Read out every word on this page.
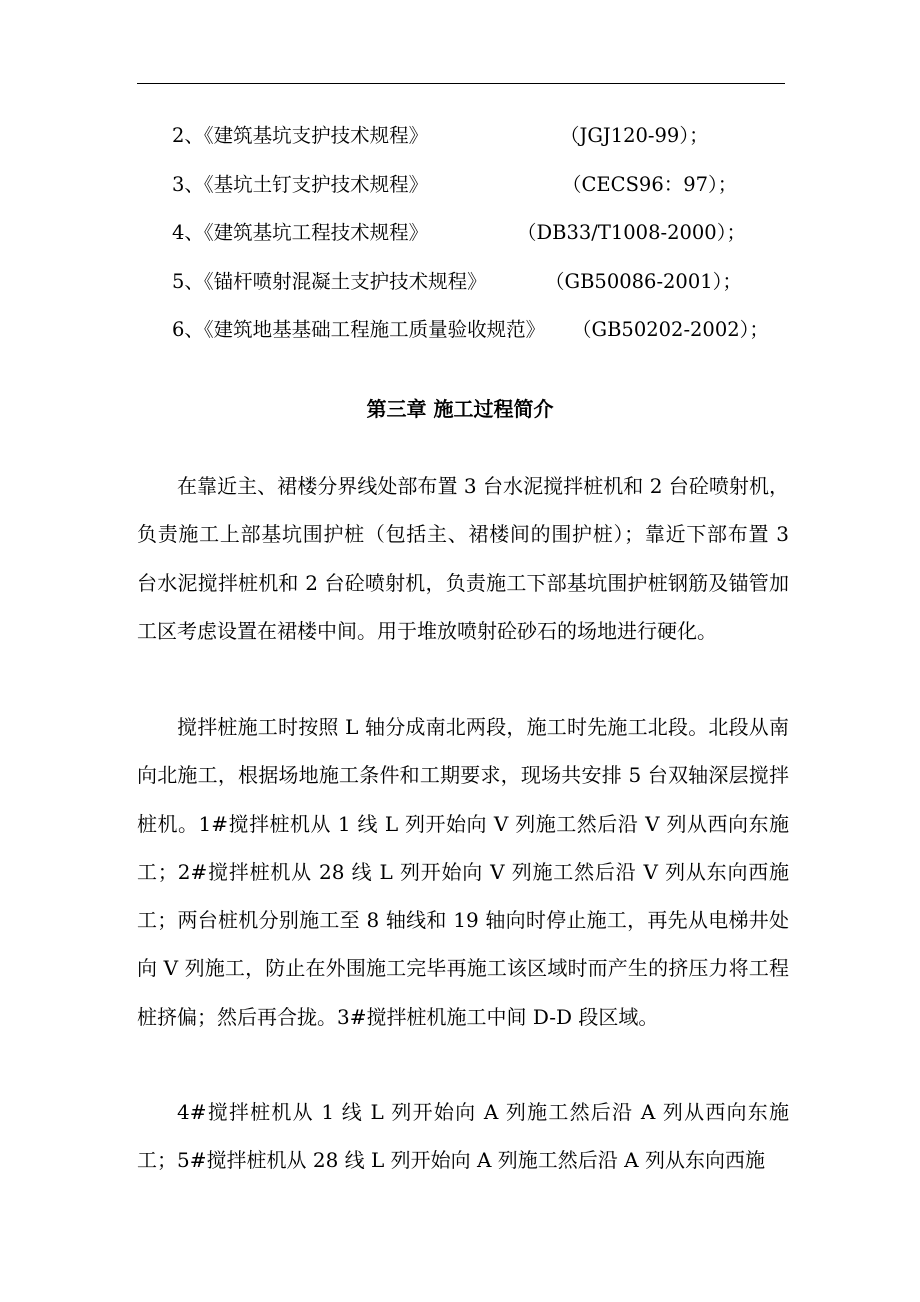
2、《建筑基坑支护技术规程》	（JGJ120-99）；
3、《基坑土钉支护技术规程》	（CECS96：97）；
4、《建筑基坑工程技术规程》	（DB33/T1008-2000）；
5、《锚杆喷射混凝土支护技术规程》	（GB50086-2001）；
6、《建筑地基基础工程施工质量验收规范》 （GB50202-2002）；
第三章 施工过程简介

在靠近主、裙楼分界线处部布置 3 台水泥搅拌桩机和 2 台砼喷射机，负责施工上部基坑围护桩（包括主、裙楼间的围护桩）；靠近下部布置 3 台水泥搅拌桩机和 2 台砼喷射机，负责施工下部基坑围护桩钢筋及锚管加工区考虑设置在裙楼中间。用于堆放喷射砼砂石的场地进行硬化。

搅拌桩施工时按照 L 轴分成南北两段，施工时先施工北段。北段从南向北施工，根据场地施工条件和工期要求，现场共安排 5 台双轴深层搅拌桩机。1#搅拌桩机从 1 线 L 列开始向 V 列施工然后沿 V 列从西向东施工；2#搅拌桩机从 28 线 L 列开始向 V 列施工然后沿 V 列从东向西施工；两台桩机分别施工至 8 轴线和 19 轴向时停止施工，再先从电梯井处向 V 列施工，防止在外围施工完毕再施工该区域时而产生的挤压力将工程桩挤偏；然后再合拢。3#搅拌桩机施工中间 D-D 段区域。

4#搅拌桩机从 1 线 L 列开始向 A 列施工然后沿 A 列从西向东施工；5#搅拌桩机从 28 线 L 列开始向 A 列施工然后沿 A 列从东向西施
